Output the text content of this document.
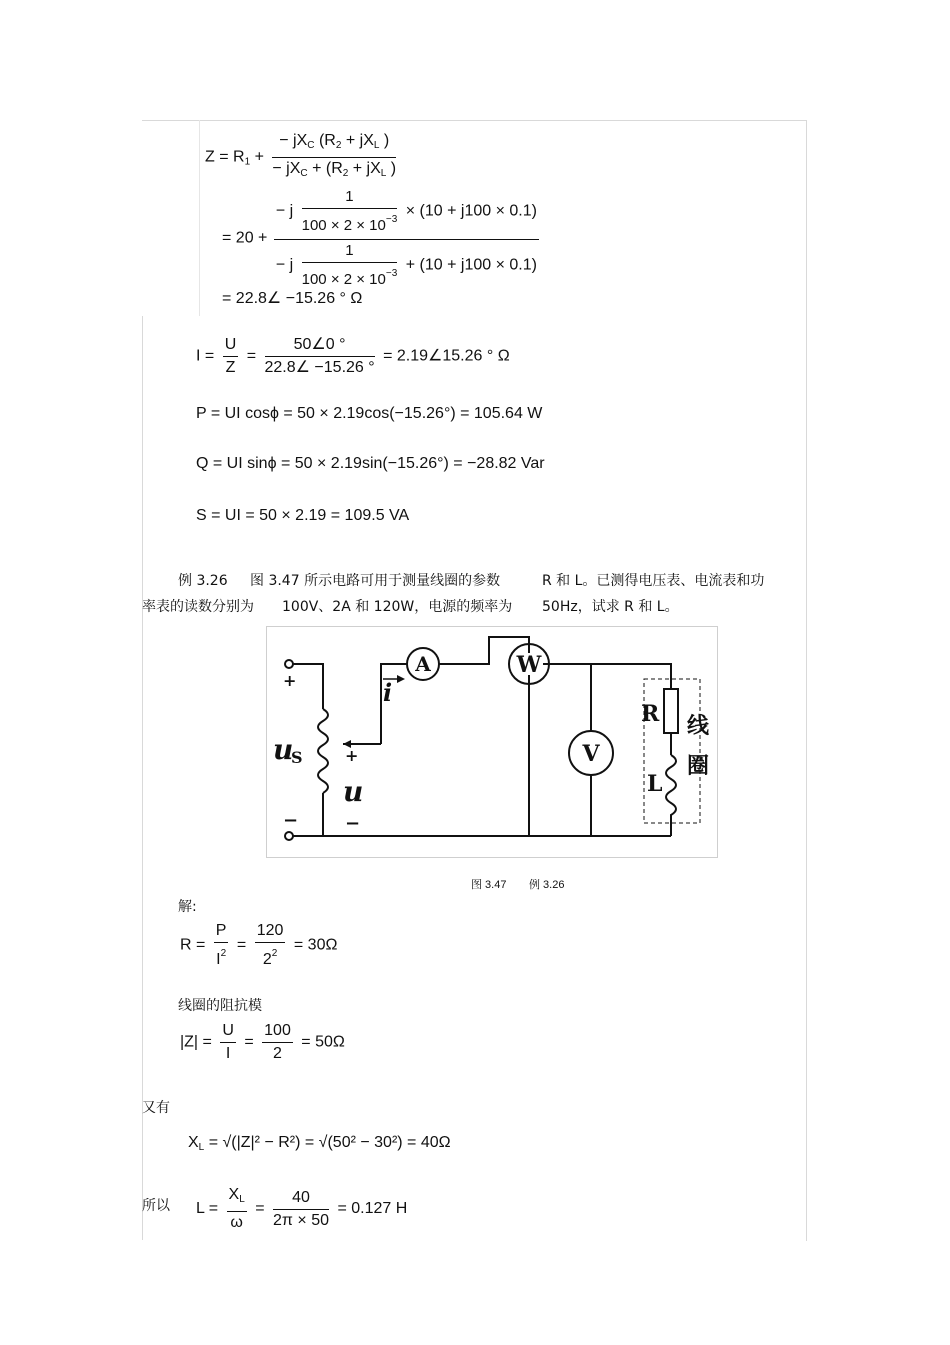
$Z = R_1 + \frac{- jX_C (R_2 + jX_L )}{- jX_C + (R_2 + jX_L )}$
= $20 + \frac{- j \frac{1}{100 \times 2 \times 10^{-3}} \times (10 + j100 \times 0.1)}{- j \frac{1}{100 \times 2 \times 10^{-3}} + (10 + j100 \times 0.1)}$
= 22.8∠ −15.26 ° Ω
$I = \frac{U}{Z} = \frac{50\angle 0 ^\circ}{22.8\angle -15.26 ^\circ}$ = 2.19∠15.26 ° Ω
P = UI cosϕ = 50 × 2.19cos(−15.26°) = 105.64 W
Q = UI sinϕ = 50 × 2.19sin(−15.26°) = −28.82 Var
S = UI = 50 × 2.19 = 109.5 VA
例 3.26 图 3.47 所示电路可用于测量线圈的参数	R 和 L。已测得电压表、电流表和功
率表的读数分别为 100V、2A 和 120W，电源的频率为 50Hz，试求 R 和 L。
A	W
V
R
L
线
圈
u
S
u
i
+
−
+
−
图 3.47 例 3.26
解:
$R = \frac{P}{I^2} = \frac{120}{2^2} = 30\Omega$
线圈的阻抗模
$|Z| = \frac{U}{I} = \frac{100}{2} = 50\Omega$
又有
$X_L = √(|Z|^2 - R^2) = √(50^2 - 30^2) = 40\Omega$
所以 $L = \frac{X_L}{\omega} = \frac{40}{2\pi \times 50} = 0.127$ H
